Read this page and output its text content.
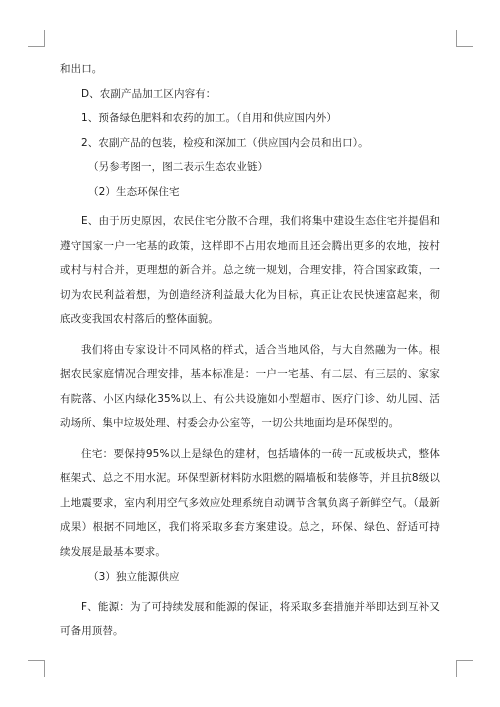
和出口。

D、农副产品加工区内容有：

1、预备绿色肥料和农药的加工。（自用和供应国内外）

2、农副产品的包装，检疫和深加工（供应国内会员和出口）。

（另参考图一，图二表示生态农业链）

（2）生态环保住宅

E、由于历史原因，农民住宅分散不合理，我们将集中建设生态住宅并提倡和遵守国家一户一宅基的政策，这样即不占用农地而且还会腾出更多的农地，按村或村与村合并，更理想的新合并。总之统一规划，合理安排，符合国家政策，一切为农民利益着想，为创造经济利益最大化为目标，真正让农民快速富起来，彻底改变我国农村落后的整体面貌。

我们将由专家设计不同风格的样式，适合当地风俗，与大自然融为一体。根据农民家庭情况合理安排，基本标准是：一户一宅基、有二层、有三层的、家家有院落、小区内绿化35%以上、有公共设施如小型超市、医疗门诊、幼儿园、活动场所、集中垃圾处理、村委会办公室等，一切公共地面均是环保型的。

住宅：要保持95%以上是绿色的建材，包括墙体的一砖一瓦或板块式，整体框架式、总之不用水泥。环保型新材料防水阻燃的隔墙板和装修等，并且抗8级以上地震要求，室内利用空气多效应处理系统自动调节含氧负离子新鲜空气。（最新成果）根据不同地区，我们将采取多套方案建设。总之，环保、绿色、舒适可持续发展是最基本要求。

（3）独立能源供应

F、能源：为了可持续发展和能源的保证，将采取多套措施并举即达到互补又可备用顶替。
